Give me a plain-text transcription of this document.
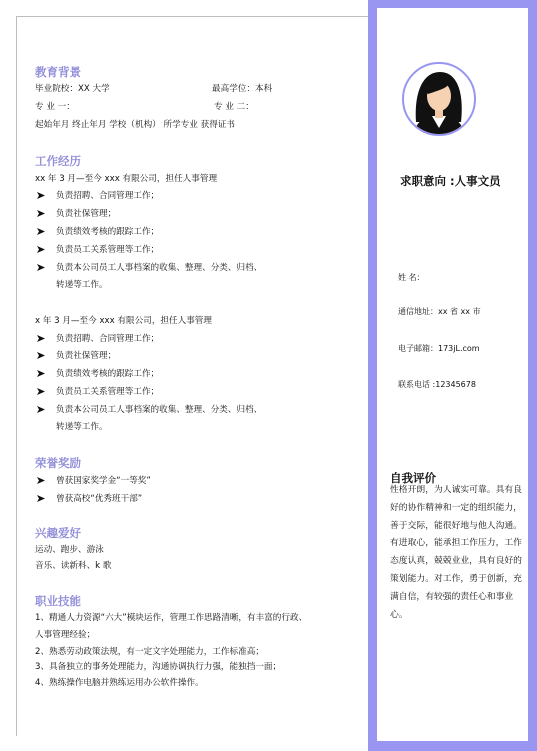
教育背景
毕业院校：XX 大学	最高学位：本科
专 业 一：	专 业 二：
起始年月 终止年月 学校（机构） 所学专业 获得证书
工作经历
xx 年 3 月—至今 xxx 有限公司，担任人事管理
负责招聘、合同管理工作；
负责社保管理；
负责绩效考核的跟踪工作；
负责员工关系管理等工作；
负责本公司员工人事档案的收集、整理、分类、归档、
转递等工作。
x 年 3 月—至今 xxx 有限公司，担任人事管理
负责招聘、合同管理工作；
负责社保管理；
负责绩效考核的跟踪工作；
负责员工关系管理等工作；
负责本公司员工人事档案的收集、整理、分类、归档、
转递等工作。
荣誉奖励
曾获国家奖学金“一等奖”
曾获高校“优秀班干部”
兴趣爱好
运动、跑步、游泳
音乐、读新科、k 歌
职业技能
1、精通人力资源“六大”模块运作，管理工作思路清晰，有丰富的行政、
人事管理经验；
2、熟悉劳动政策法规，有一定文字处理能力，工作标准高；
3、具备独立的事务处理能力，沟通协调执行力强，能独挡一面；
4、熟练操作电脑并熟练运用办公软件操作。
求职意向 :人事文员
姓 名：
通信地址：xx 省 xx 市
电子邮箱：173jL.com
联系电话 :12345678
自我评价
性格开朗，为人诚实可靠。具有良好的协作精神和一定的组织能力，善于交际，能很好地与他人沟通。有进取心，能承担工作压力，工作态度认真，兢兢业业，具有良好的策划能力。对工作，勇于创新，充满自信，有较强的责任心和事业心。
